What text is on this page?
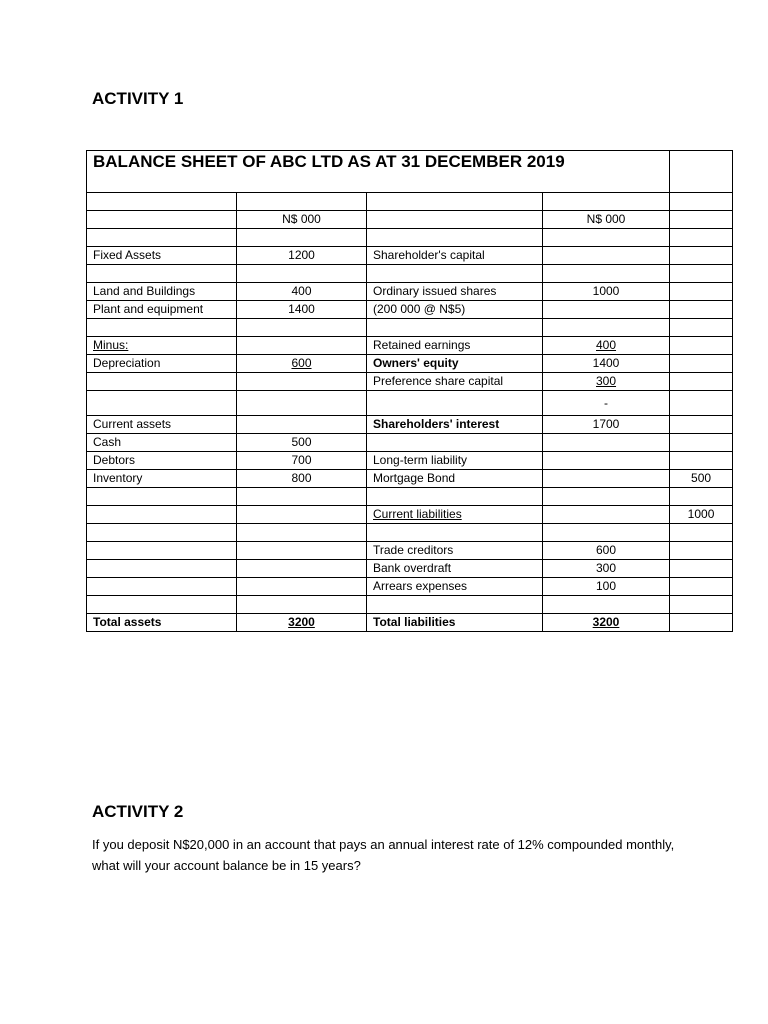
ACTIVITY 1
BALANCE SHEET OF ABC LTD AS AT 31 DECEMBER 2019				

	N$ 000		N$ 000	

Fixed Assets	1200	Shareholder's capital		

Land and Buildings	400	Ordinary issued shares	1000	
Plant and equipment	1400	(200 000 @ N$5)		

Minus:		Retained earnings	400	
Depreciation	600	Owners' equity	1400	
		Preference share capital	300	
			-	
Current assets		Shareholders' interest	1700	
Cash	500			
Debtors	700	Long-term liability		
Inventory	800	Mortgage Bond		500

		Current liabilities		1000

		Trade creditors	600	
		Bank overdraft	300	
		Arrears expenses	100	

Total assets	3200	Total liabilities	3200	
ACTIVITY 2

If you deposit N$20,000 in an account that pays an annual interest rate of 12% compounded monthly, what will your account balance be in 15 years?
